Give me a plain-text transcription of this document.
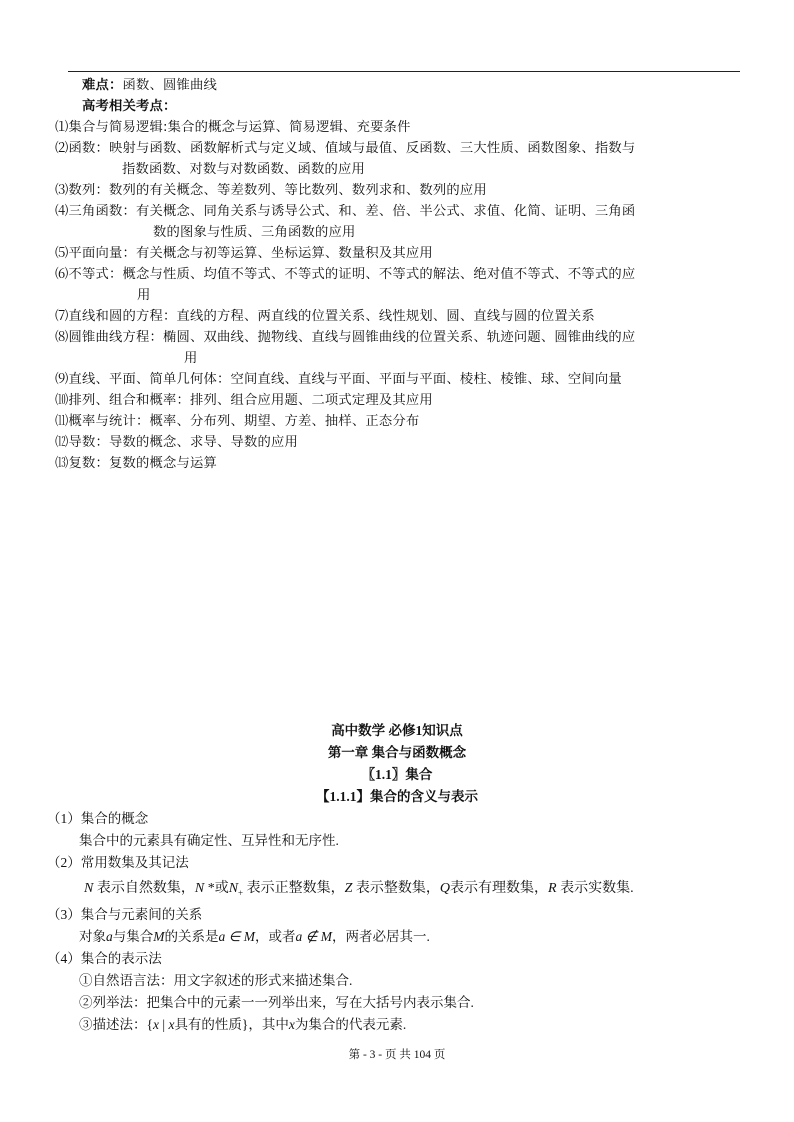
难点：函数、圆锥曲线
高考相关考点：
⑴集合与简易逻辑:集合的概念与运算、简易逻辑、充要条件
⑵函数：映射与函数、函数解析式与定义域、值域与最值、反函数、三大性质、函数图象、指数与
指数函数、对数与对数函数、函数的应用
⑶数列：数列的有关概念、等差数列、等比数列、数列求和、数列的应用
⑷三角函数：有关概念、同角关系与诱导公式、和、差、倍、半公式、求值、化简、证明、三角函
数的图象与性质、三角函数的应用
⑸平面向量：有关概念与初等运算、坐标运算、数量积及其应用
⑹不等式：概念与性质、均值不等式、不等式的证明、不等式的解法、绝对值不等式、不等式的应
用
⑺直线和圆的方程：直线的方程、两直线的位置关系、线性规划、圆、直线与圆的位置关系
⑻圆锥曲线方程：椭圆、双曲线、抛物线、直线与圆锥曲线的位置关系、轨迹问题、圆锥曲线的应
用
⑼直线、平面、简单几何体：空间直线、直线与平面、平面与平面、棱柱、棱锥、球、空间向量
⑽排列、组合和概率：排列、组合应用题、二项式定理及其应用
⑾概率与统计：概率、分布列、期望、方差、抽样、正态分布
⑿导数：导数的概念、求导、导数的应用
⒀复数：复数的概念与运算
高中数学 必修1知识点
第一章 集合与函数概念
〖1.1〗集合
【1.1.1】集合的含义与表示
（1）集合的概念
集合中的元素具有确定性、互异性和无序性.
（2）常用数集及其记法
N 表示自然数集，N *或$N_+$ 表示正整数集，Z 表示整数集，Q表示有理数集，R 表示实数集.
（3）集合与元素间的关系
对象a与集合M的关系是a ∈ M，或者a ∉ M，两者必居其一.
（4）集合的表示法
①自然语言法：用文字叙述的形式来描述集合.
②列举法：把集合中的元素一一列举出来，写在大括号内表示集合.
③描述法：{x | x具有的性质}，其中x为集合的代表元素.
第 - 3 - 页 共 104 页
